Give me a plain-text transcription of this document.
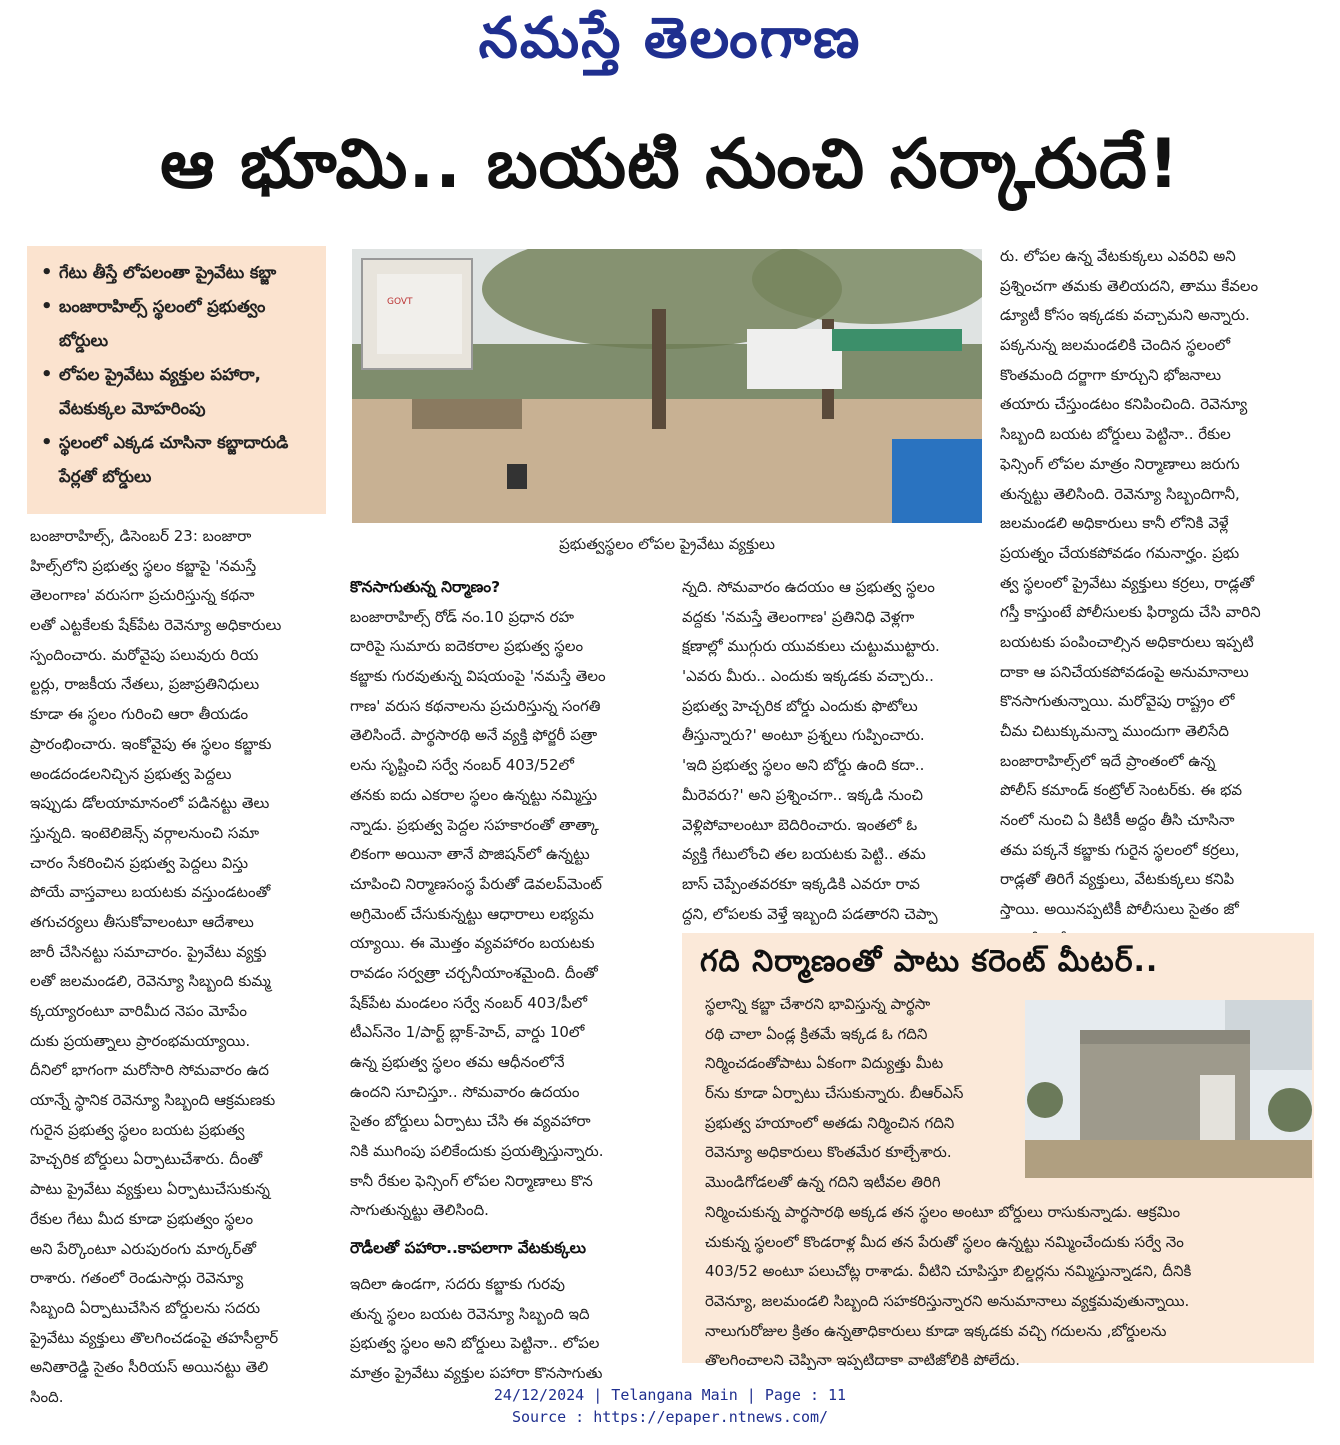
నమస్తే తెలంగాణ
ఆ భూమి.. బయటి నుంచి సర్కారుదే!
• గేటు తీస్తే లోపలంతా ప్రైవేటు కబ్జా
• బంజారాహిల్స్ స్థలంలో ప్రభుత్వం బోర్డులు
• లోపల ప్రైవేటు వ్యక్తుల పహారా, వేటకుక్కల మోహరింపు
• స్థలంలో ఎక్కడ చూసినా కబ్జాదారుడి పేర్లతో బోర్డులు
బంజారాహిల్స్, డిసెంబర్ 23: బంజారా
హిల్స్‌లోని ప్రభుత్వ స్థలం కబ్జాపై 'నమస్తే
తెలంగాణ' వరుసగా ప్రచురిస్తున్న కథనా
లతో ఎట్టకేలకు షేక్‌పేట రెవెన్యూ అధికారులు
స్పందించారు. మరోవైపు పలువురు రియ
ల్టర్లు, రాజకీయ నేతలు, ప్రజాప్రతినిధులు
కూడా ఈ స్థలం గురించి ఆరా తీయడం
ప్రారంభించారు. ఇంకోవైపు ఈ స్థలం కబ్జాకు
అండదండలనిచ్చిన ప్రభుత్వ పెద్దలు
ఇప్పుడు డోలయామానంలో పడినట్టు తెలు
స్తున్నది. ఇంటెలిజెన్స్ వర్గాలనుంచి సమా
చారం సేకరించిన ప్రభుత్వ పెద్దలు విస్తు
పోయే వాస్తవాలు బయటకు వస్తుండటంతో
తగుచర్యలు తీసుకోవాలంటూ ఆదేశాలు
జారీ చేసినట్టు సమాచారం. ప్రైవేటు వ్యక్తు
లతో జలమండలి, రెవెన్యూ సిబ్బంది కుమ్మ
క్కయ్యారంటూ వారిమీద నెపం మోపేం
దుకు ప్రయత్నాలు ప్రారంభమయ్యాయి.
దీనిలో భాగంగా మరోసారి సోమవారం ఉద
యాన్నే స్థానిక రెవెన్యూ సిబ్బంది ఆక్రమణకు
గురైన ప్రభుత్వ స్థలం బయట ప్రభుత్వ
హెచ్చరిక బోర్డులు ఏర్పాటుచేశారు. దీంతో
పాటు ప్రైవేటు వ్యక్తులు ఏర్పాటుచేసుకున్న
రేకుల గేటు మీద కూడా ప్రభుత్వం స్థలం
అని పేర్కొంటూ ఎరుపురంగు మార్కర్‌తో
రాశారు. గతంలో రెండుసార్లు రెవెన్యూ
సిబ్బంది ఏర్పాటుచేసిన బోర్డులను సదరు
ప్రైవేటు వ్యక్తులు తొలగించడంపై తహసీల్దార్
అనితారెడ్డి సైతం సీరియస్ అయినట్టు తెలి
సింది.
GOVT
ప్రభుత్వస్థలం లోపల ప్రైవేటు వ్యక్తులు
కొనసాగుతున్న నిర్మాణం?
బంజారాహిల్స్ రోడ్ నం.10 ప్రధాన రహ
దారిపై సుమారు ఐదెకరాల ప్రభుత్వ స్థలం
కబ్జాకు గురవుతున్న విషయంపై 'నమస్తే తెలం
గాణ' వరుస కథనాలను ప్రచురిస్తున్న సంగతి
తెలిసిందే. పార్థసారథి అనే వ్యక్తి ఫోర్జరీ పత్రా
లను సృష్టించి సర్వే నంబర్ 403/52లో
తనకు ఐదు ఎకరాల స్థలం ఉన్నట్టు నమ్మిస్తు
న్నాడు. ప్రభుత్వ పెద్దల సహకారంతో తాత్కా
లికంగా అయినా తానే పొజిషన్‌లో ఉన్నట్టు
చూపించి నిర్మాణసంస్థ పేరుతో డెవలప్‌మెంట్
అగ్రిమెంట్ చేసుకున్నట్టు ఆధారాలు లభ్యమ
య్యాయి. ఈ మొత్తం వ్యవహారం బయటకు
రావడం సర్వత్రా చర్చనీయాంశమైంది. దీంతో
షేక్‌పేట మండలం సర్వే నంబర్ 403/పీలో
టీఎస్‌నెం 1/పార్ట్ బ్లాక్-హెచ్, వార్డు 10లో
ఉన్న ప్రభుత్వ స్థలం తమ ఆధీనంలోనే
ఉందని సూచిస్తూ.. సోమవారం ఉదయం
సైతం బోర్డులు ఏర్పాటు చేసి ఈ వ్యవహారా
నికి ముగింపు పలికేందుకు ప్రయత్నిస్తున్నారు.
కానీ రేకుల ఫెన్సింగ్ లోపల నిర్మాణాలు కొన
సాగుతున్నట్టు తెలిసింది.
రౌడీలతో పహారా..కాపలాగా వేటకుక్కలు
ఇదిలా ఉండగా, సదరు కబ్జాకు గురవు
తున్న స్థలం బయట రెవెన్యూ సిబ్బంది ఇది
ప్రభుత్వ స్థలం అని బోర్డులు పెట్టినా.. లోపల
మాత్రం ప్రైవేటు వ్యక్తుల పహారా కొనసాగుతు
న్నది. సోమవారం ఉదయం ఆ ప్రభుత్వ స్థలం
వద్దకు 'నమస్తే తెలంగాణ' ప్రతినిధి వెళ్లగా
క్షణాల్లో ముగ్గురు యువకులు చుట్టుముట్టారు.
'ఎవరు మీరు.. ఎందుకు ఇక్కడకు వచ్చారు..
ప్రభుత్వ హెచ్చరిక బోర్డు ఎందుకు ఫొటోలు
తీస్తున్నారు?' అంటూ ప్రశ్నలు గుప్పించారు.
'ఇది ప్రభుత్వ స్థలం అని బోర్డు ఉంది కదా..
మీరెవరు?' అని ప్రశ్నించగా.. ఇక్కడి నుంచి
వెళ్లిపోవాలంటూ బెదిరించారు. ఇంతలో ఓ
వ్యక్తి గేటులోంచి తల బయటకు పెట్టి.. తమ
బాస్ చెప్పేంతవరకూ ఇక్కడికి ఎవరూ రావ
ద్దని, లోపలకు వెళ్తే ఇబ్బంది పడతారని చెప్పా
రు. లోపల ఉన్న వేటకుక్కలు ఎవరివి అని
ప్రశ్నించగా తమకు తెలియదని, తాము కేవలం
డ్యూటీ కోసం ఇక్కడకు వచ్చామని అన్నారు.
పక్కనున్న జలమండలికి చెందిన స్థలంలో
కొంతమంది దర్జాగా కూర్చుని భోజనాలు
తయారు చేస్తుండటం కనిపించింది. రెవెన్యూ
సిబ్బంది బయట బోర్డులు పెట్టినా.. రేకుల
ఫెన్సింగ్ లోపల మాత్రం నిర్మాణాలు జరుగు
తున్నట్టు తెలిసింది. రెవెన్యూ సిబ్బందిగానీ,
జలమండలి అధికారులు కానీ లోనికి వెళ్లే
ప్రయత్నం చేయకపోవడం గమనార్హం. ప్రభు
త్వ స్థలంలో ప్రైవేటు వ్యక్తులు కర్రలు, రాడ్లతో
గస్తీ కాస్తుంటే పోలీసులకు ఫిర్యాదు చేసి వారిని
బయటకు పంపించాల్సిన అధికారులు ఇప్పటి
దాకా ఆ పనిచేయకపోవడంపై అనుమానాలు
కొనసాగుతున్నాయి. మరోవైపు రాష్ట్రం లో
చీమ చిటుక్కుమన్నా ముందుగా తెలిసేది
బంజారాహిల్స్‌లో ఇదే ప్రాంతంలో ఉన్న
పోలీస్ కమాండ్ కంట్రోల్ సెంటర్‌కు. ఈ భవ
నంలో నుంచి ఏ కిటికీ అద్దం తీసి చూసినా
తమ పక్కనే కబ్జాకు గురైన స్థలంలో కర్రలు,
రాడ్లతో తిరిగే వ్యక్తులు, వేటకుక్కలు కనిపి
స్తాయి. అయినప్పటికీ పోలీసులు సైతం జో
గది నిర్మాణంతో పాటు కరెంట్ మీటర్..
స్థలాన్ని కబ్జా చేశారని భావిస్తున్న పార్థసా
రథి చాలా ఏండ్ల క్రితమే ఇక్కడ ఓ గదిని
నిర్మించడంతోపాటు ఏకంగా విద్యుత్తు మీట
ర్‌ను కూడా ఏర్పాటు చేసుకున్నారు. బీఆర్‌ఎస్
ప్రభుత్వ హయాంలో అతడు నిర్మించిన గదిని
రెవెన్యూ అధికారులు కొంతమేర కూల్చేశారు.
మొండిగోడలతో ఉన్న గదిని ఇటీవల తిరిగి
నిర్మించుకున్న పార్థసారథి అక్కడ తన స్థలం అంటూ బోర్డులు రాసుకున్నాడు. ఆక్రమిం
చుకున్న స్థలంలో కొండరాళ్ల మీద తన పేరుతో స్థలం ఉన్నట్టు నమ్మించేందుకు సర్వే నెం
403/52 అంటూ పలుచోట్ల రాశాడు. వీటిని చూపిస్తూ బిల్డర్లను నమ్మిస్తున్నాడని, దీనికి
రెవెన్యూ, జలమండలి సిబ్బంది సహకరిస్తున్నారని అనుమానాలు వ్యక్తమవుతున్నాయి.
నాలుగురోజుల క్రితం ఉన్నతాధికారులు కూడా ఇక్కడకు వచ్చి గదులను ,బోర్డులను
తొలగించాలని చెప్పినా ఇప్పటిదాకా వాటిజోలికి పోలేదు.
24/12/2024 | Telangana Main | Page : 11
Source : https://epaper.ntnews.com/
